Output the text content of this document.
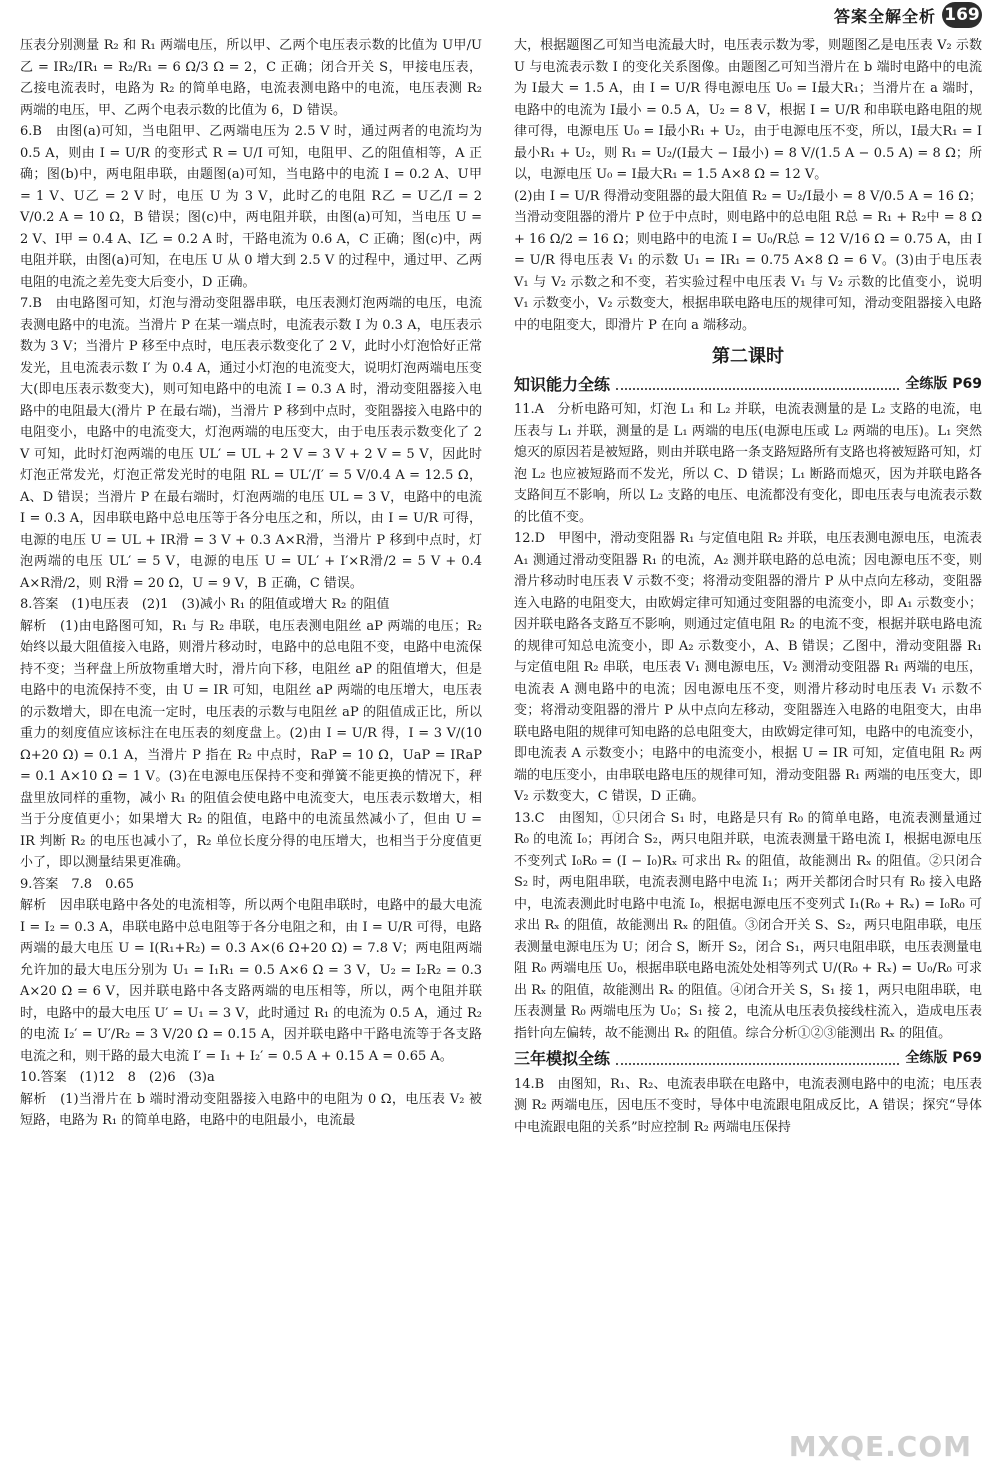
答案全解全析 169

压表分别测量 R₂ 和 R₁ 两端电压，所以甲、乙两个电压表示数的比值为 U甲/U乙 = IR₂/IR₁ = R₂/R₁ = 6 Ω/3 Ω = 2，C 正确；闭合开关 S，甲接电压表，乙接电流表时，电路为 R₂ 的简单电路，电流表测电路中的电流，电压表测 R₂ 两端的电压，甲、乙两个电表示数的比值为 6，D 错误。

6.B　由图(a)可知，当电阻甲、乙两端电压为 2.5 V 时，通过两者的电流均为 0.5 A，则由 I = U/R 的变形式 R = U/I 可知，电阻甲、乙的阻值相等，A 正确；图(b)中，两电阻串联，由题图(a)可知，当电路中的电流 I = 0.2 A、U甲 = 1 V、U乙 = 2 V 时，电压 U 为 3 V，此时乙的电阻 R乙 = U乙/I = 2 V/0.2 A = 10 Ω，B 错误；图(c)中，两电阻并联，由图(a)可知，当电压 U = 2 V、I甲 = 0.4 A、I乙 = 0.2 A 时，干路电流为 0.6 A，C 正确；图(c)中，两电阻并联，由图(a)可知，在电压 U 从 0 增大到 2.5 V 的过程中，通过甲、乙两电阻的电流之差先变大后变小，D 正确。

7.B　由电路图可知，灯泡与滑动变阻器串联，电压表测灯泡两端的电压，电流表测电路中的电流。当滑片 P 在某一端点时，电流表示数 I 为 0.3 A，电压表示数为 3 V；当滑片 P 移至中点时，电压表示数变化了 2 V，此时小灯泡恰好正常发光，且电流表示数 I′ 为 0.4 A，通过小灯泡的电流变大，说明灯泡两端电压变大(即电压表示数变大)，则可知电路中的电流 I = 0.3 A 时，滑动变阻器接入电路中的电阻最大(滑片 P 在最右端)，当滑片 P 移到中点时，变阻器接入电路中的电阻变小，电路中的电流变大，灯泡两端的电压变大，由于电压表示数变化了 2 V 可知，此时灯泡两端的电压 UL′ = UL + 2 V = 3 V + 2 V = 5 V，因此时灯泡正常发光，灯泡正常发光时的电阻 RL = UL′/I′ = 5 V/0.4 A = 12.5 Ω，A、D 错误；当滑片 P 在最右端时，灯泡两端的电压 UL = 3 V，电路中的电流 I = 0.3 A，因串联电路中总电压等于各分电压之和，所以，由 I = U/R 可得，电源的电压 U = UL + IR滑 = 3 V + 0.3 A×R滑，当滑片 P 移到中点时，灯泡两端的电压 UL′ = 5 V，电源的电压 U = UL′ + I′×R滑/2 = 5 V + 0.4 A×R滑/2，则 R滑 = 20 Ω，U = 9 V，B 正确，C 错误。

8.答案　(1)电压表　(2)1　(3)减小 R₁ 的阻值或增大 R₂ 的阻值

解析　(1)由电路图可知，R₁ 与 R₂ 串联，电压表测电阻丝 aP 两端的电压；R₂ 始终以最大阻值接入电路，则滑片移动时，电路中的总电阻不变，电路中电流保持不变；当秤盘上所放物重增大时，滑片向下移，电阻丝 aP 的阻值增大，但是电路中的电流保持不变，由 U = IR 可知，电阻丝 aP 两端的电压增大，电压表的示数增大，即在电流一定时，电压表的示数与电阻丝 aP 的阻值成正比，所以重力的刻度值应该标注在电压表的刻度盘上。(2)由 I = U/R 得，I = 3 V/(10 Ω+20 Ω) = 0.1 A，当滑片 P 指在 R₂ 中点时，RaP = 10 Ω，UaP = IRaP = 0.1 A×10 Ω = 1 V。(3)在电源电压保持不变和弹簧不能更换的情况下，秤盘里放同样的重物，减小 R₁ 的阻值会使电路中电流变大，电压表示数增大，相当于分度值更小；如果增大 R₂ 的阻值，电路中的电流虽然减小了，但由 U = IR 判断 R₂ 的电压也减小了，R₂ 单位长度分得的电压增大，也相当于分度值更小了，即以测量结果更准确。

9.答案　7.8　0.65

解析　因串联电路中各处的电流相等，所以两个电阻串联时，电路中的最大电流 I = I₂ = 0.3 A，串联电路中总电阻等于各分电阻之和，由 I = U/R 可得，电路两端的最大电压 U = I(R₁+R₂) = 0.3 A×(6 Ω+20 Ω) = 7.8 V；两电阻两端允许加的最大电压分别为 U₁ = I₁R₁ = 0.5 A×6 Ω = 3 V，U₂ = I₂R₂ = 0.3 A×20 Ω = 6 V，因并联电路中各支路两端的电压相等，所以，两个电阻并联时，电路中的最大电压 U′ = U₁ = 3 V，此时通过 R₁ 的电流为 0.5 A，通过 R₂ 的电流 I₂′ = U′/R₂ = 3 V/20 Ω = 0.15 A，因并联电路中干路电流等于各支路电流之和，则干路的最大电流 I′ = I₁ + I₂′ = 0.5 A + 0.15 A = 0.65 A。

10.答案　(1)12　8　(2)6　(3)a

解析　(1)当滑片在 b 端时滑动变阻器接入电路中的电阻为 0 Ω，电压表 V₂ 被短路，电路为 R₁ 的简单电路，电路中的电阻最小，电流最

大，根据题图乙可知当电流最大时，电压表示数为零，则题图乙是电压表 V₂ 示数 U 与电流表示数 I 的变化关系图像。由题图乙可知当滑片在 b 端时电路中的电流为 I最大 = 1.5 A，由 I = U/R 得电源电压 U₀ = I最大R₁；当滑片在 a 端时，电路中的电流为 I最小 = 0.5 A，U₂ = 8 V，根据 I = U/R 和串联电路电阻的规律可得，电源电压 U₀ = I最小R₁ + U₂，由于电源电压不变，所以，I最大R₁ = I最小R₁ + U₂，则 R₁ = U₂/(I最大 − I最小) = 8 V/(1.5 A − 0.5 A) = 8 Ω；所以，电源电压 U₀ = I最大R₁ = 1.5 A×8 Ω = 12 V。

(2)由 I = U/R 得滑动变阻器的最大阻值 R₂ = U₂/I最小 = 8 V/0.5 A = 16 Ω；当滑动变阻器的滑片 P 位于中点时，则电路中的总电阻 R总 = R₁ + R₂中 = 8 Ω + 16 Ω/2 = 16 Ω；则电路中的电流 I = U₀/R总 = 12 V/16 Ω = 0.75 A，由 I = U/R 得电压表 V₁ 的示数 U₁ = IR₁ = 0.75 A×8 Ω = 6 V。(3)由于电压表 V₁ 与 V₂ 示数之和不变，若实验过程中电压表 V₁ 与 V₂ 示数的比值变小，说明 V₁ 示数变小，V₂ 示数变大，根据串联电路电压的规律可知，滑动变阻器接入电路中的电阻变大，即滑片 P 在向 a 端移动。

第二课时
知识能力全练	全练版 P69

11.A　分析电路可知，灯泡 L₁ 和 L₂ 并联，电流表测量的是 L₂ 支路的电流，电压表与 L₁ 并联，测量的是 L₁ 两端的电压(电源电压或 L₂ 两端的电压)。L₁ 突然熄灭的原因若是被短路，则由并联电路一条支路短路所有支路也将被短路可知，灯泡 L₂ 也应被短路而不发光，所以 C、D 错误；L₁ 断路而熄灭，因为并联电路各支路间互不影响，所以 L₂ 支路的电压、电流都没有变化，即电压表与电流表示数的比值不变。

12.D　甲图中，滑动变阻器 R₁ 与定值电阻 R₂ 并联，电压表测电源电压，电流表 A₁ 测通过滑动变阻器 R₁ 的电流，A₂ 测并联电路的总电流；因电源电压不变，则滑片移动时电压表 V 示数不变；将滑动变阻器的滑片 P 从中点向左移动，变阻器连入电路的电阻变大，由欧姆定律可知通过变阻器的电流变小，即 A₁ 示数变小；因并联电路各支路互不影响，则通过定值电阻 R₂ 的电流不变，根据并联电路电流的规律可知总电流变小，即 A₂ 示数变小，A、B 错误；乙图中，滑动变阻器 R₁ 与定值电阻 R₂ 串联，电压表 V₁ 测电源电压，V₂ 测滑动变阻器 R₁ 两端的电压，电流表 A 测电路中的电流；因电源电压不变，则滑片移动时电压表 V₁ 示数不变；将滑动变阻器的滑片 P 从中点向左移动，变阻器连入电路的电阻变大，由串联电路电阻的规律可知电路的总电阻变大，由欧姆定律可知，电路中的电流变小，即电流表 A 示数变小；电路中的电流变小，根据 U = IR 可知，定值电阻 R₂ 两端的电压变小，由串联电路电压的规律可知，滑动变阻器 R₁ 两端的电压变大，即 V₂ 示数变大，C 错误，D 正确。

13.C　由图知，①只闭合 S₁ 时，电路是只有 R₀ 的简单电路，电流表测量通过 R₀ 的电流 I₀；再闭合 S₂，两只电阻并联，电流表测量干路电流 I，根据电源电压不变列式 I₀R₀ = (I − I₀)Rₓ 可求出 Rₓ 的阻值，故能测出 Rₓ 的阻值。②只闭合 S₂ 时，两电阻串联，电流表测电路中电流 I₁；两开关都闭合时只有 R₀ 接入电路中，电流表测此时电路中电流 I₀，根据电源电压不变列式 I₁(R₀ + Rₓ) = I₀R₀ 可求出 Rₓ 的阻值，故能测出 Rₓ 的阻值。③闭合开关 S、S₂，两只电阻串联，电压表测量电源电压为 U；闭合 S，断开 S₂，闭合 S₁，两只电阻串联，电压表测量电阻 R₀ 两端电压 U₀，根据串联电路电流处处相等列式 U/(R₀ + Rₓ) = U₀/R₀ 可求出 Rₓ 的阻值，故能测出 Rₓ 的阻值。④闭合开关 S，S₁ 接 1，两只电阻串联，电压表测量 R₀ 两端电压为 U₀；S₁ 接 2，电流从电压表负接线柱流入，造成电压表指针向左偏转，故不能测出 Rₓ 的阻值。综合分析①②③能测出 Rₓ 的阻值。

三年模拟全练	全练版 P69

14.B　由图知，R₁、R₂、电流表串联在电路中，电流表测电路中的电流；电压表测 R₂ 两端电压，因电压不变时，导体中电流跟电阻成反比，A 错误；探究“导体中电流跟电阻的关系”时应控制 R₂ 两端电压保持

MXQE.COM
